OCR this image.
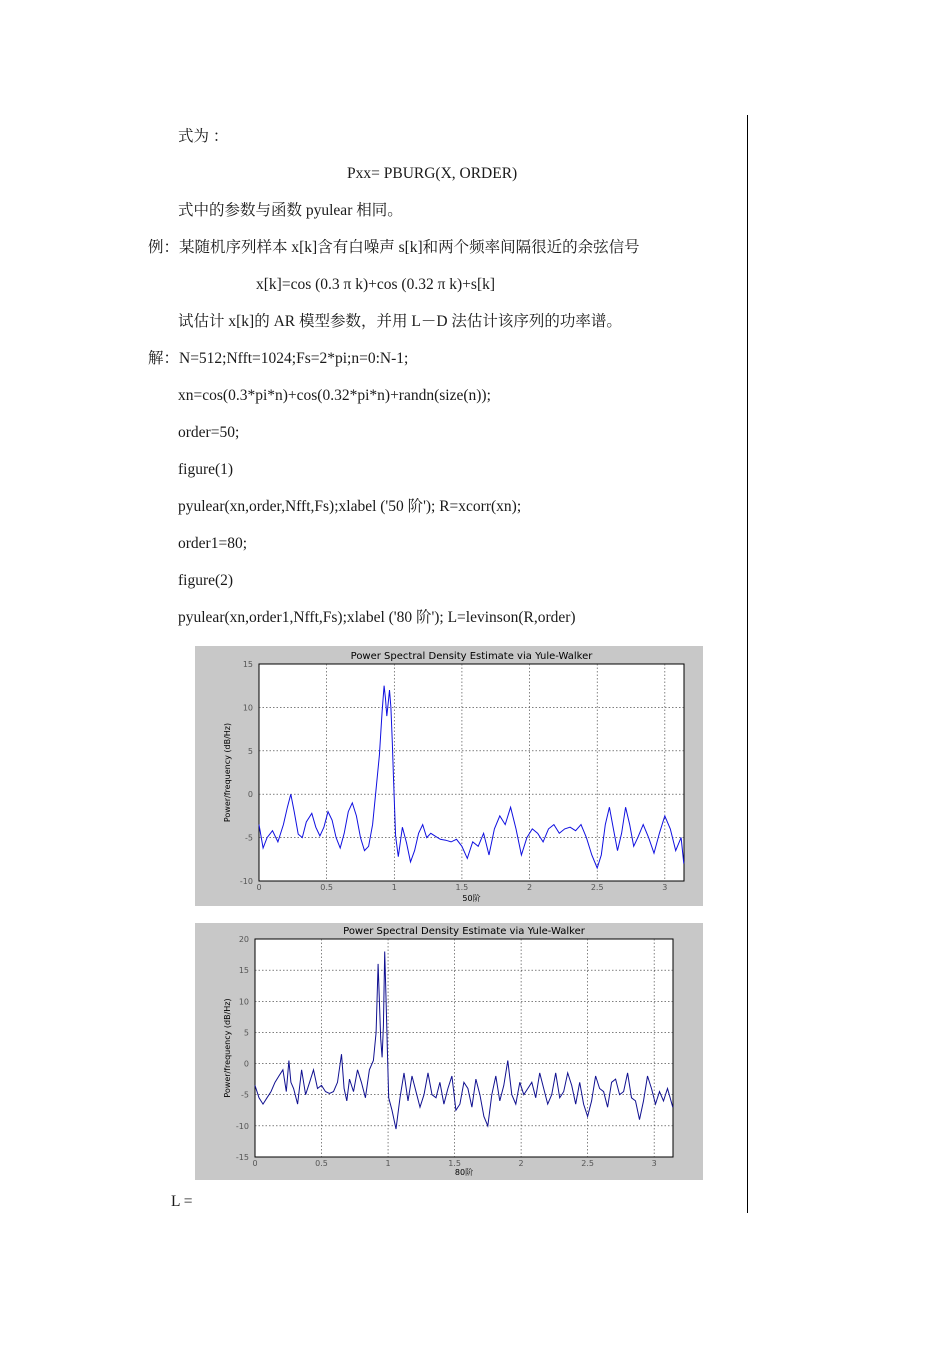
式为 ：
Pxx= PBURG(X, ORDER)
式中的参数与函数 pyulear 相同。
例：某随机序列样本 x[k]含有白噪声 s[k]和两个频率间隔很近的余弦信号
x[k]=cos (0.3 π k)+cos (0.32 π k)+s[k]
试估计 x[k]的 AR 模型参数，并用 L－D 法估计该序列的功率谱。
解：N=512;Nfft=1024;Fs=2*pi;n=0:N-1;
xn=cos(0.3*pi*n)+cos(0.32*pi*n)+randn(size(n));
order=50;
figure(1)
pyulear(xn,order,Nfft,Fs);xlabel ('50 阶'); R=xcorr(xn);
order1=80;
figure(2)
pyulear(xn,order1,Nfft,Fs);xlabel ('80 阶'); L=levinson(R,order)
L =
0	0.5	1	1.5	2	2.5	3
15
10
5
0
-5
-10
Power Spectral Density Estimate via Yule-Walker
50阶
Power/frequency (dB/Hz)
0	0.5	1	1.5	2	2.5	3
20
15
10
5
0
-5
-10
-15
Power Spectral Density Estimate via Yule-Walker
80阶
Power/frequency (dB/Hz)
